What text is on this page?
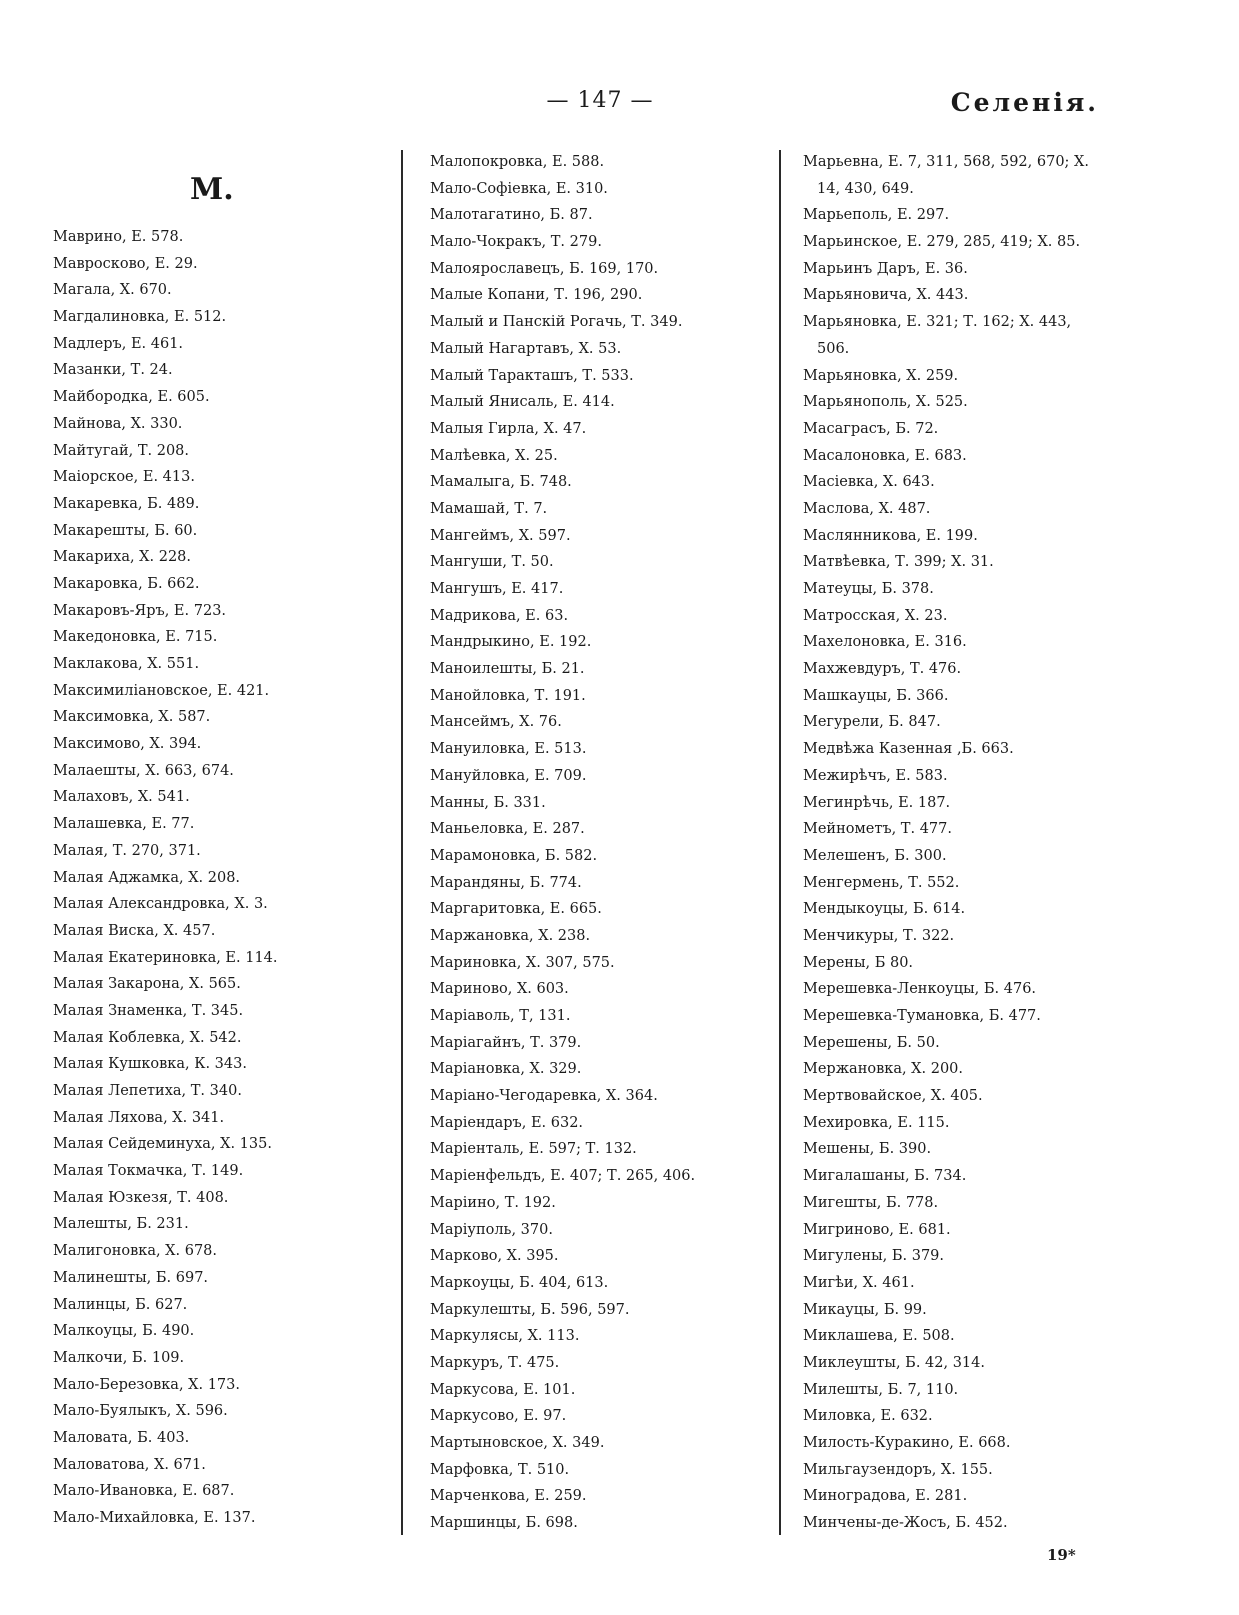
— 147 —	Селенія.
M.
Маврино, Е. 578.
Мавросково, Е. 29.
Магала, Х. 670.
Магдалиновка, Е. 512.
Мадлеръ, Е. 461.
Мазанки, Т. 24.
Майбородка, Е. 605.
Майнова, Х. 330.
Майтугай, Т. 208.
Маіорское, Е. 413.
Макаревка, Б. 489.
Макарешты, Б. 60.
Макариха, Х. 228.
Макаровка, Б. 662.
Макаровъ-Яръ, Е. 723.
Македоновка, Е. 715.
Маклакова, Х. 551.
Максимиліановское, Е. 421.
Максимовка, Х. 587.
Максимово, Х. 394.
Малаешты, Х. 663, 674.
Малаховъ, Х. 541.
Малашевка, Е. 77.
Малая, Т. 270, 371.
Малая Аджамка, Х. 208.
Малая Александровка, Х. 3.
Малая Виска, Х. 457.
Малая Екатериновка, Е. 114.
Малая Закарона, Х. 565.
Малая Знаменка, Т. 345.
Малая Коблевка, Х. 542.
Малая Кушковка, К. 343.
Малая Лепетиха, Т. 340.
Малая Ляхова, Х. 341.
Малая Сейдеминуха, Х. 135.
Малая Токмачка, Т. 149.
Малая Юзкезя, Т. 408.
Малешты, Б. 231.
Малигоновка, Х. 678.
Малинешты, Б. 697.
Малинцы, Б. 627.
Малкоуцы, Б. 490.
Малкочи, Б. 109.
Мало-Березовка, Х. 173.
Мало-Буялыкъ, Х. 596.
Маловата, Б. 403.
Маловатова, Х. 671.
Мало-Ивановка, Е. 687.
Мало-Михайловка, Е. 137.
Малопокровка, Е. 588.
Мало-Софіевка, Е. 310.
Малотагатино, Б. 87.
Мало-Чокракъ, Т. 279.
Малоярославецъ, Б. 169, 170.
Малые Копани, Т. 196, 290.
Малый и Панскій Рогачь, Т. 349.
Малый Нагартавъ, Х. 53.
Малый Таракташъ, Т. 533.
Малый Янисаль, Е. 414.
Малыя Гирла, Х. 47.
Малѣевка, Х. 25.
Мамалыга, Б. 748.
Мамашай, Т. 7.
Мангеймъ, Х. 597.
Мангуши, Т. 50.
Мангушъ, Е. 417.
Мадрикова, Е. 63.
Мандрыкино, Е. 192.
Маноилешты, Б. 21.
Манойловка, Т. 191.
Мансеймъ, Х. 76.
Мануиловка, Е. 513.
Мануйловка, Е. 709.
Манны, Б. 331.
Маньеловка, Е. 287.
Марамоновка, Б. 582.
Марандяны, Б. 774.
Маргаритовка, Е. 665.
Маржановка, Х. 238.
Мариновка, Х. 307, 575.
Мариново, Х. 603.
Маріаволь, Т, 131.
Маріагайнъ, Т. 379.
Маріановка, Х. 329.
Маріано-Чегодаревка, Х. 364.
Маріендаръ, Е. 632.
Маріенталь, Е. 597; Т. 132.
Маріенфельдъ, Е. 407; Т. 265, 406.
Маріино, Т. 192.
Маріуполь, 370.
Марково, Х. 395.
Маркоуцы, Б. 404, 613.
Маркулешты, Б. 596, 597.
Маркулясы, Х. 113.
Маркуръ, Т. 475.
Маркусова, Е. 101.
Маркусово, Е. 97.
Мартыновское, Х. 349.
Марфовка, Т. 510.
Марченкова, Е. 259.
Маршинцы, Б. 698.
Марьевна, Е. 7, 311, 568, 592, 670; Х.
14, 430, 649.
Марьеполь, Е. 297.
Марьинское, Е. 279, 285, 419; Х. 85.
Марьинъ Даръ, Е. 36.
Марьяновича, Х. 443.
Марьяновка, Е. 321; Т. 162; Х. 443,
506.
Марьяновка, Х. 259.
Марьянополь, Х. 525.
Масаграсъ, Б. 72.
Масалоновка, Е. 683.
Масіевка, Х. 643.
Маслова, Х. 487.
Маслянникова, Е. 199.
Матвѣевка, Т. 399; Х. 31.
Матеуцы, Б. 378.
Матросская, Х. 23.
Махелоновка, Е. 316.
Махжевдуръ, Т. 476.
Машкауцы, Б. 366.
Мегурели, Б. 847.
Медвѣжа Казенная ,Б. 663.
Межирѣчъ, Е. 583.
Мегинрѣчь, Е. 187.
Мейнометъ, Т. 477.
Мелешенъ, Б. 300.
Менгермень, Т. 552.
Мендыкоуцы, Б. 614.
Менчикуры, Т. 322.
Мерены, Б 80.
Мерешевка-Ленкоуцы, Б. 476.
Мерешевка-Тумановка, Б. 477.
Мерешены, Б. 50.
Мержановка, Х. 200.
Мертвовайское, Х. 405.
Мехировка, Е. 115.
Мешены, Б. 390.
Мигалашаны, Б. 734.
Мигешты, Б. 778.
Мигриново, Е. 681.
Мигулены, Б. 379.
Мигѣи, Х. 461.
Микауцы, Б. 99.
Миклашева, Е. 508.
Миклеушты, Б. 42, 314.
Милешты, Б. 7, 110.
Миловка, Е. 632.
Милость-Куракино, Е. 668.
Мильгаузендоръ, Х. 155.
Миноградова, Е. 281.
Минчены-де-Жосъ, Б. 452.
19*
